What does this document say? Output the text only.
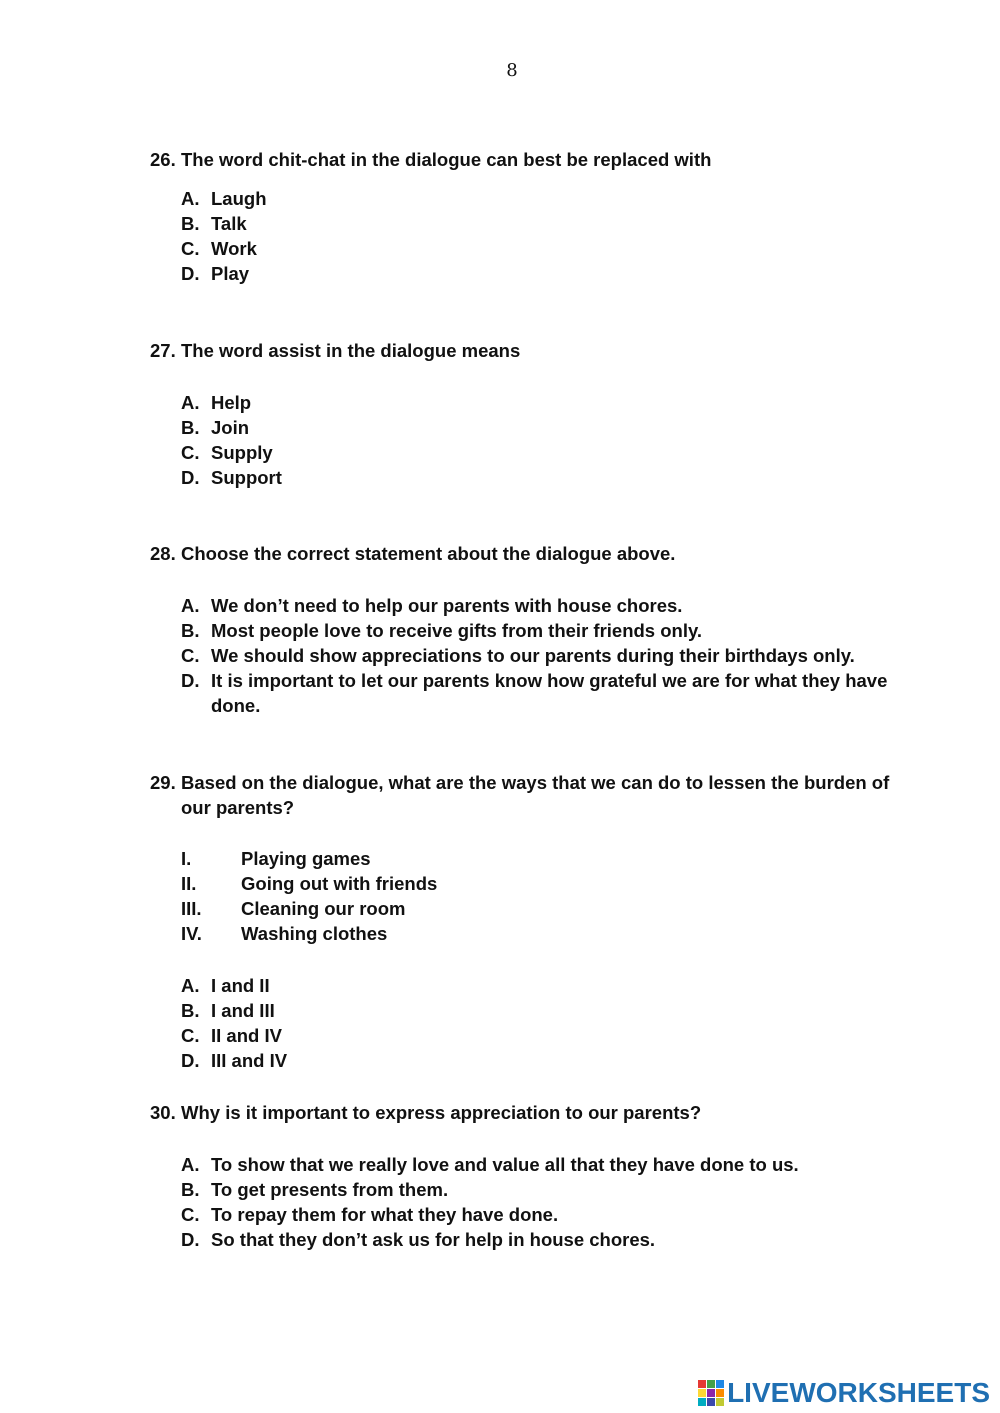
8
26. The word chit-chat in the dialogue can best be replaced with
A. Laugh
B. Talk
C. Work
D. Play
27. The word assist in the dialogue means
A. Help
B. Join
C. Supply
D. Support
28. Choose the correct statement about the dialogue above.
A. We don’t need to help our parents with house chores.
B. Most people love to receive gifts from their friends only.
C. We should show appreciations to our parents during their birthdays only.
D. It is important to let our parents know how grateful we are for what they have done.
29. Based on the dialogue, what are the ways that we can do to lessen the burden of our parents?
I.	Playing games
II.	Going out with friends
III.	Cleaning our room
IV.	Washing clothes
A. I and II
B. I and III
C. II and IV
D. III and IV
30. Why is it important to express appreciation to our parents?
A. To show that we really love and value all that they have done to us.
B. To get presents from them.
C. To repay them for what they have done.
D. So that they don’t ask us for help in house chores.
LIVEWORKSHEETS
